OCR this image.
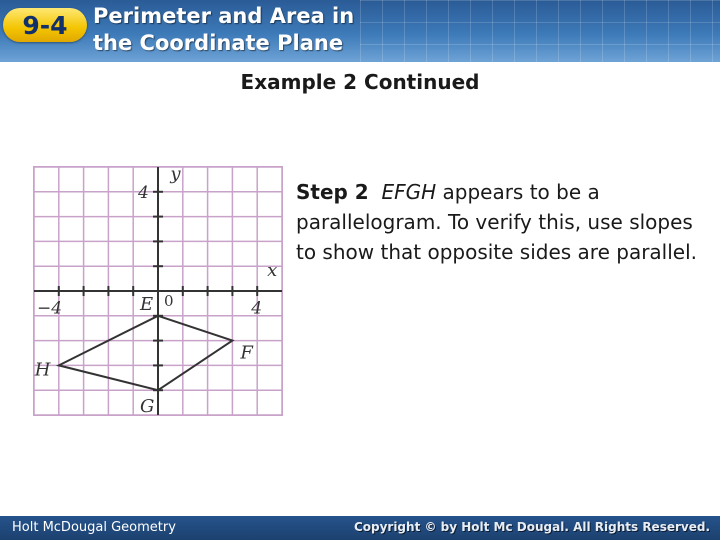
9-4 Perimeter and Area in
the Coordinate Plane
Example 2 Continued
x
y
−4	4
4
0
E
F
G
H
Step 2 EFGH appears to be a parallelogram. To verify this, use slopes to show that opposite sides are parallel.
Holt McDougal Geometry	Copyright © by Holt Mc Dougal. All Rights Reserved.
